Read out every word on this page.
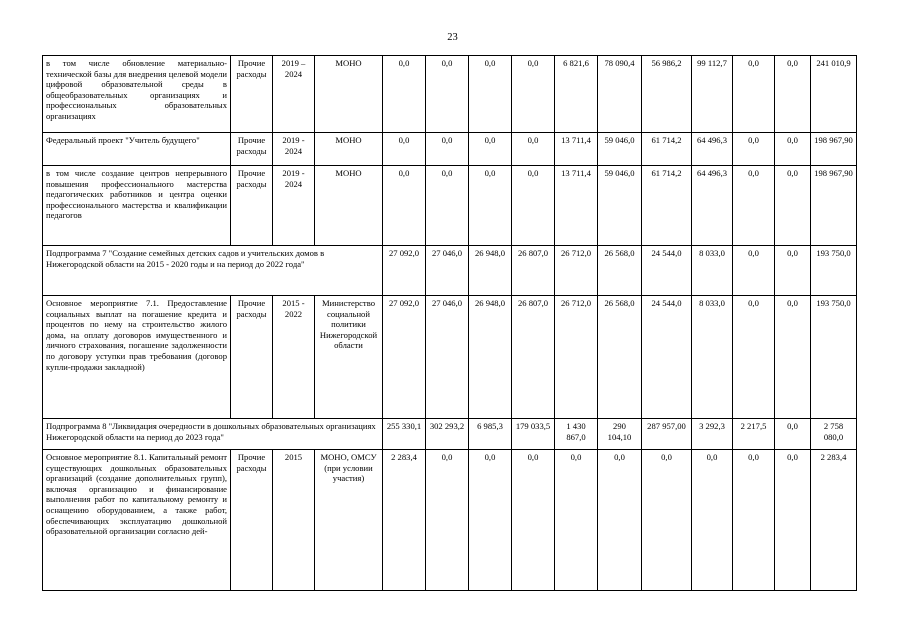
23
в том числе обновление материально-технической базы для внедрения целевой модели цифровой образовательной среды в общеобразовательных организациях и профессиональных образовательных организациях	Прочие расходы	2019 – 2024	МОНО	0,0	0,0	0,0	0,0	6 821,6	78 090,4	56 986,2	99 112,7	0,0	0,0	241 010,9
Федеральный проект "Учитель будущего"	Прочие расходы	2019 - 2024	МОНО	0,0	0,0	0,0	0,0	13 711,4	59 046,0	61 714,2	64 496,3	0,0	0,0	198 967,90
в том числе создание центров непрерывного повышения профессионального мастерства педагогических работников и центра оценки профессионального мастерства и квалификации педагогов	Прочие расходы	2019 - 2024	МОНО	0,0	0,0	0,0	0,0	13 711,4	59 046,0	61 714,2	64 496,3	0,0	0,0	198 967,90
Подпрограмма 7 "Создание семейных детских садов и учительских домов в Нижегородской области на 2015 - 2020 годы и на период до 2022 года"				27 092,0	27 046,0	26 948,0	26 807,0	26 712,0	26 568,0	24 544,0	8 033,0	0,0	0,0	193 750,0
Основное мероприятие 7.1. Предоставление социальных выплат на погашение кредита и процентов по нему на строительство жилого дома, на оплату договоров имущественного и личного страхования, погашение задолженности по договору уступки прав требования (договор купли-продажи закладной)	Прочие расходы	2015 - 2022	Министерство социальной политики Нижегородской области	27 092,0	27 046,0	26 948,0	26 807,0	26 712,0	26 568,0	24 544,0	8 033,0	0,0	0,0	193 750,0
Подпрограмма 8 "Ликвидация очередности в дошкольных образовательных организациях Нижегородской области на период до 2023 года"				255 330,1	302 293,2	6 985,3	179 033,5	1 430 867,0	290 104,10	287 957,00	3 292,3	2 217,5	0,0	2 758 080,0
Основное мероприятие 8.1. Капитальный ремонт существующих дошкольных образовательных организаций (создание дополнительных групп), включая организацию и финансирование выполнения работ по капитальному ремонту и оснащению оборудованием, а также работ, обеспечивающих эксплуатацию дошкольной образовательной организации согласно дей-	Прочие расходы	2015	МОНО, ОМСУ (при условии участия)	2 283,4	0,0	0,0	0,0	0,0	0,0	0,0	0,0	0,0	0,0	2 283,4
